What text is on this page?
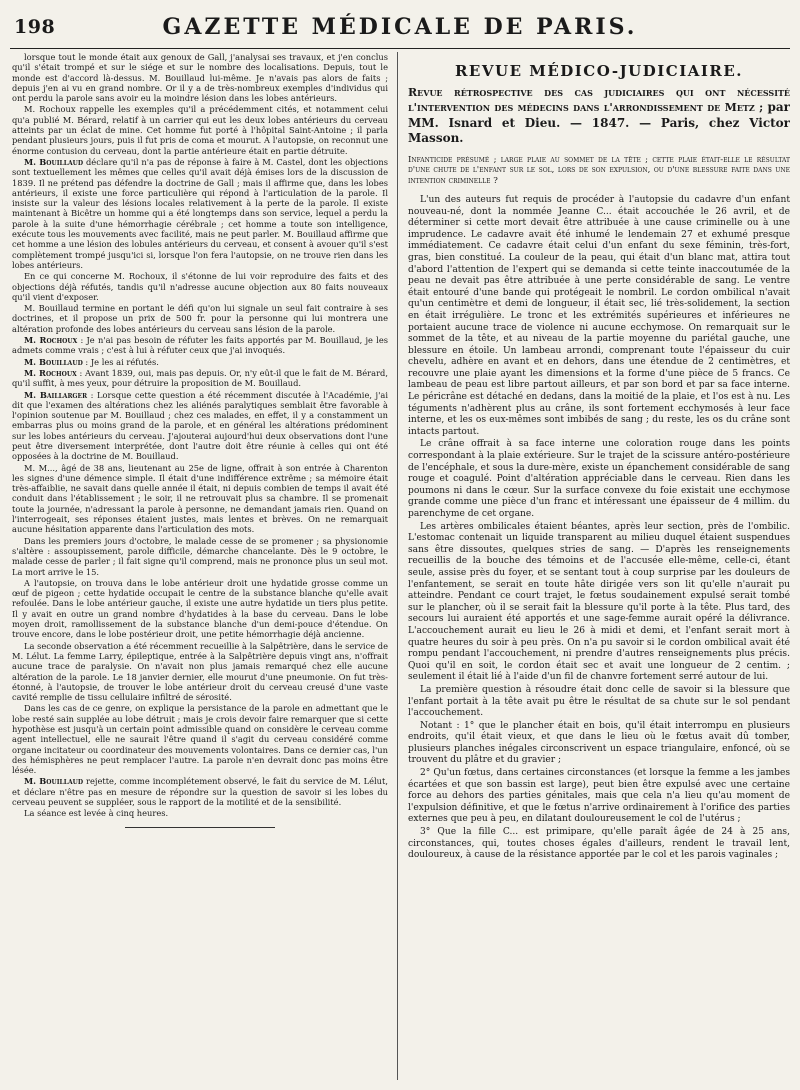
198	GAZETTE MÉDICALE DE PARIS.

lorsque tout le monde était aux genoux de Gall, j'analysai ses travaux, et j'en conclus qu'il s'était trompé et sur le siége et sur le nombre des localisations. Depuis, tout le monde est d'accord là-dessus. M. Bouillaud lui-même. Je n'avais pas alors de faits ; depuis j'en ai vu en grand nombre. Or il y a de très-nombreux exemples d'individus qui ont perdu la parole sans avoir eu la moindre lésion dans les lobes antérieurs.

M. Rochoux rappelle les exemples qu'il a précédemment cités, et notamment celui qu'a publié M. Bérard, relatif à un carrier qui eut les deux lobes antérieurs du cerveau atteints par un éclat de mine. Cet homme fut porté à l'hôpital Saint-Antoine ; il parla pendant plusieurs jours, puis il fut pris de coma et mourut. A l'autopsie, on reconnut une énorme contusion du cerveau, dont la partie antérieure était en partie détruite.

M. Bouillaud déclare qu'il n'a pas de réponse à faire à M. Castel, dont les objections sont textuellement les mêmes que celles qu'il avait déjà émises lors de la discussion de 1839. Il ne prétend pas défendre la doctrine de Gall ; mais il affirme que, dans les lobes antérieurs, il existe une force particulière qui répond à l'articulation de la parole. Il insiste sur la valeur des lésions locales relativement à la perte de la parole. Il existe maintenant à Bicêtre un homme qui a été longtemps dans son service, lequel a perdu la parole à la suite d'une hémorrhagie cérébrale ; cet homme a toute son intelligence, exécute tous les mouvements avec facilité, mais ne peut parler. M. Bouillaud affirme que cet homme a une lésion des lobules antérieurs du cerveau, et consent à avouer qu'il s'est complètement trompé jusqu'ici si, lorsque l'on fera l'autopsie, on ne trouve rien dans les lobes antérieurs.

En ce qui concerne M. Rochoux, il s'étonne de lui voir reproduire des faits et des objections déjà réfutés, tandis qu'il n'adresse aucune objection aux 80 faits nouveaux qu'il vient d'exposer.

M. Bouillaud termine en portant le défi qu'on lui signale un seul fait contraire à ses doctrines, et il propose un prix de 500 fr. pour la personne qui lui montrera une altération profonde des lobes antérieurs du cerveau sans lésion de la parole.

M. Rochoux : Je n'ai pas besoin de réfuter les faits apportés par M. Bouillaud, je les admets comme vrais ; c'est à lui à réfuter ceux que j'ai invoqués.

M. Bouillaud : Je les ai réfutés.

M. Rochoux : Avant 1839, oui, mais pas depuis. Or, n'y eût-il que le fait de M. Bérard, qu'il suffit, à mes yeux, pour détruire la proposition de M. Bouillaud.

M. Baillarger : Lorsque cette question a été récemment discutée à l'Académie, j'ai dit que l'examen des altérations chez les aliénés paralytiques semblait être favorable à l'opinion soutenue par M. Bouillaud ; chez ces malades, en effet, il y a constamment un embarras plus ou moins grand de la parole, et en général les altérations prédominent sur les lobes antérieurs du cerveau. J'ajouterai aujourd'hui deux observations dont l'une peut être diversement interprétée, dont l'autre doit être réunie à celles qui ont été opposées à la doctrine de M. Bouillaud.

M. M..., âgé de 38 ans, lieutenant au 25e de ligne, offrait à son entrée à Charenton les signes d'une démence simple. Il était d'une indifférence extrême ; sa mémoire était très-affaiblie, ne savait dans quelle année il était, ni depuis combien de temps il avait été conduit dans l'établissement ; le soir, il ne retrouvait plus sa chambre. Il se promenait toute la journée, n'adressant la parole à personne, ne demandant jamais rien. Quand on l'interrogeait, ses réponses étaient justes, mais lentes et brèves. On ne remarquait aucune hésitation apparente dans l'articulation des mots.

Dans les premiers jours d'octobre, le malade cesse de se promener ; sa physionomie s'altère : assoupissement, parole difficile, démarche chancelante. Dès le 9 octobre, le malade cesse de parler ; il fait signe qu'il comprend, mais ne prononce plus un seul mot. La mort arrive le 15.

A l'autopsie, on trouva dans le lobe antérieur droit une hydatide grosse comme un œuf de pigeon ; cette hydatide occupait le centre de la substance blanche qu'elle avait refoulée. Dans le lobe antérieur gauche, il existe une autre hydatide un tiers plus petite. Il y avait en outre un grand nombre d'hydatides à la base du cerveau. Dans le lobe moyen droit, ramollissement de la substance blanche d'un demi-pouce d'étendue. On trouve encore, dans le lobe postérieur droit, une petite hémorrhagie déjà ancienne.

La seconde observation a été récemment recueillie à la Salpêtrière, dans le service de M. Lélut. La femme Larry, épileptique, entrée à la Salpêtrière depuis vingt ans, n'offrait aucune trace de paralysie. On n'avait non plus jamais remarqué chez elle aucune altération de la parole. Le 18 janvier dernier, elle mourut d'une pneumonie. On fut très-étonné, à l'autopsie, de trouver le lobe antérieur droit du cerveau creusé d'une vaste cavité remplie de tissu cellulaire infiltré de sérosité.

Dans les cas de ce genre, on explique la persistance de la parole en admettant que le lobe resté sain supplée au lobe détruit ; mais je crois devoir faire remarquer que si cette hypothèse est jusqu'à un certain point admissible quand on considère le cerveau comme agent intellectuel, elle ne saurait l'être quand il s'agit du cerveau considéré comme organe incitateur ou coordinateur des mouvements volontaires. Dans ce dernier cas, l'un des hémisphères ne peut remplacer l'autre. La parole n'en devrait donc pas moins être lésée.

M. Bouillaud rejette, comme incomplétement observé, le fait du service de M. Lélut, et déclare n'être pas en mesure de répondre sur la question de savoir si les lobes du cerveau peuvent se suppléer, sous le rapport de la motilité et de la sensibilité.

La séance est levée à cinq heures.

REVUE MÉDICO-JUDICIAIRE.
Revue rétrospective des cas judiciaires qui ont nécessité l'intervention des médecins dans l'arrondissement de Metz ; par MM. Isnard et Dieu. — 1847. — Paris, chez Victor Masson.
Infanticide présumé ; large plaie au sommet de la tête ; cette plaie était-elle le résultat d'une chute de l'enfant sur le sol, lors de son expulsion, ou d'une blessure faite dans une intention criminelle ?

L'un des auteurs fut requis de procéder à l'autopsie du cadavre d'un enfant nouveau-né, dont la nommée Jeanne C... était accouchée le 26 avril, et de déterminer si cette mort devait être attribuée à une cause criminelle ou à une imprudence. Le cadavre avait été inhumé le lendemain 27 et exhumé presque immédiatement. Ce cadavre était celui d'un enfant du sexe féminin, très-fort, gras, bien constitué. La couleur de la peau, qui était d'un blanc mat, attira tout d'abord l'attention de l'expert qui se demanda si cette teinte inaccoutumée de la peau ne devait pas être attribuée à une perte considérable de sang. Le ventre était entouré d'une bande qui protégeait le nombril. Le cordon ombilical n'avait qu'un centimètre et demi de longueur, il était sec, lié très-solidement, la section en était irrégulière. Le tronc et les extrémités supérieures et inférieures ne portaient aucune trace de violence ni aucune ecchymose. On remarquait sur le sommet de la tête, et au niveau de la partie moyenne du pariétal gauche, une blessure en étoile. Un lambeau arrondi, comprenant toute l'épaisseur du cuir chevelu, adhère en avant et en dehors, dans une étendue de 2 centimètres, et recouvre une plaie ayant les dimensions et la forme d'une pièce de 5 francs. Ce lambeau de peau est libre partout ailleurs, et par son bord et par sa face interne. Le péricrâne est détaché en dedans, dans la moitié de la plaie, et l'os est à nu. Les téguments n'adhèrent plus au crâne, ils sont fortement ecchymosés à leur face interne, et les os eux-mêmes sont imbibés de sang ; du reste, les os du crâne sont intacts partout.

Le crâne offrait à sa face interne une coloration rouge dans les points correspondant à la plaie extérieure. Sur le trajet de la scissure antéro-postérieure de l'encéphale, et sous la dure-mère, existe un épanchement considérable de sang rouge et coagulé. Point d'altération appréciable dans le cerveau. Rien dans les poumons ni dans le cœur. Sur la surface convexe du foie existait une ecchymose grande comme une pièce d'un franc et intéressant une épaisseur de 4 millim. du parenchyme de cet organe.

Les artères ombilicales étaient béantes, après leur section, près de l'ombilic. L'estomac contenait un liquide transparent au milieu duquel étaient suspendues sans être dissoutes, quelques stries de sang. — D'après les renseignements recueillis de la bouche des témoins et de l'accusée elle-même, celle-ci, étant seule, assise près du foyer, et se sentant tout à coup surprise par les douleurs de l'enfantement, se serait en toute hâte dirigée vers son lit qu'elle n'aurait pu atteindre. Pendant ce court trajet, le fœtus soudainement expulsé serait tombé sur le plancher, où il se serait fait la blessure qu'il porte à la tête. Plus tard, des secours lui auraient été apportés et une sage-femme aurait opéré la délivrance. L'accouchement aurait eu lieu le 26 à midi et demi, et l'enfant serait mort à quatre heures du soir à peu près. On n'a pu savoir si le cordon ombilical avait été rompu pendant l'accouchement, ni prendre d'autres renseignements plus précis. Quoi qu'il en soit, le cordon était sec et avait une longueur de 2 centim. ; seulement il était lié à l'aide d'un fil de chanvre fortement serré autour de lui.

La première question à résoudre était donc celle de savoir si la blessure que l'enfant portait à la tête avait pu être le résultat de sa chute sur le sol pendant l'accouchement.

Notant : 1° que le plancher était en bois, qu'il était interrompu en plusieurs endroits, qu'il était vieux, et que dans le lieu où le fœtus avait dû tomber, plusieurs planches inégales circonscrivent un espace triangulaire, enfoncé, où se trouvent du plâtre et du gravier ;

2° Qu'un fœtus, dans certaines circonstances (et lorsque la femme a les jambes écartées et que son bassin est large), peut bien être expulsé avec une certaine force au dehors des parties génitales, mais que cela n'a lieu qu'au moment de l'expulsion définitive, et que le fœtus n'arrive ordinairement à l'orifice des parties externes que peu à peu, en dilatant douloureusement le col de l'utérus ;

3° Que la fille C... est primipare, qu'elle paraît âgée de 24 à 25 ans, circonstances, qui, toutes choses égales d'ailleurs, rendent le travail lent, douloureux, à cause de la résistance apportée par le col et les parois vaginales ;
